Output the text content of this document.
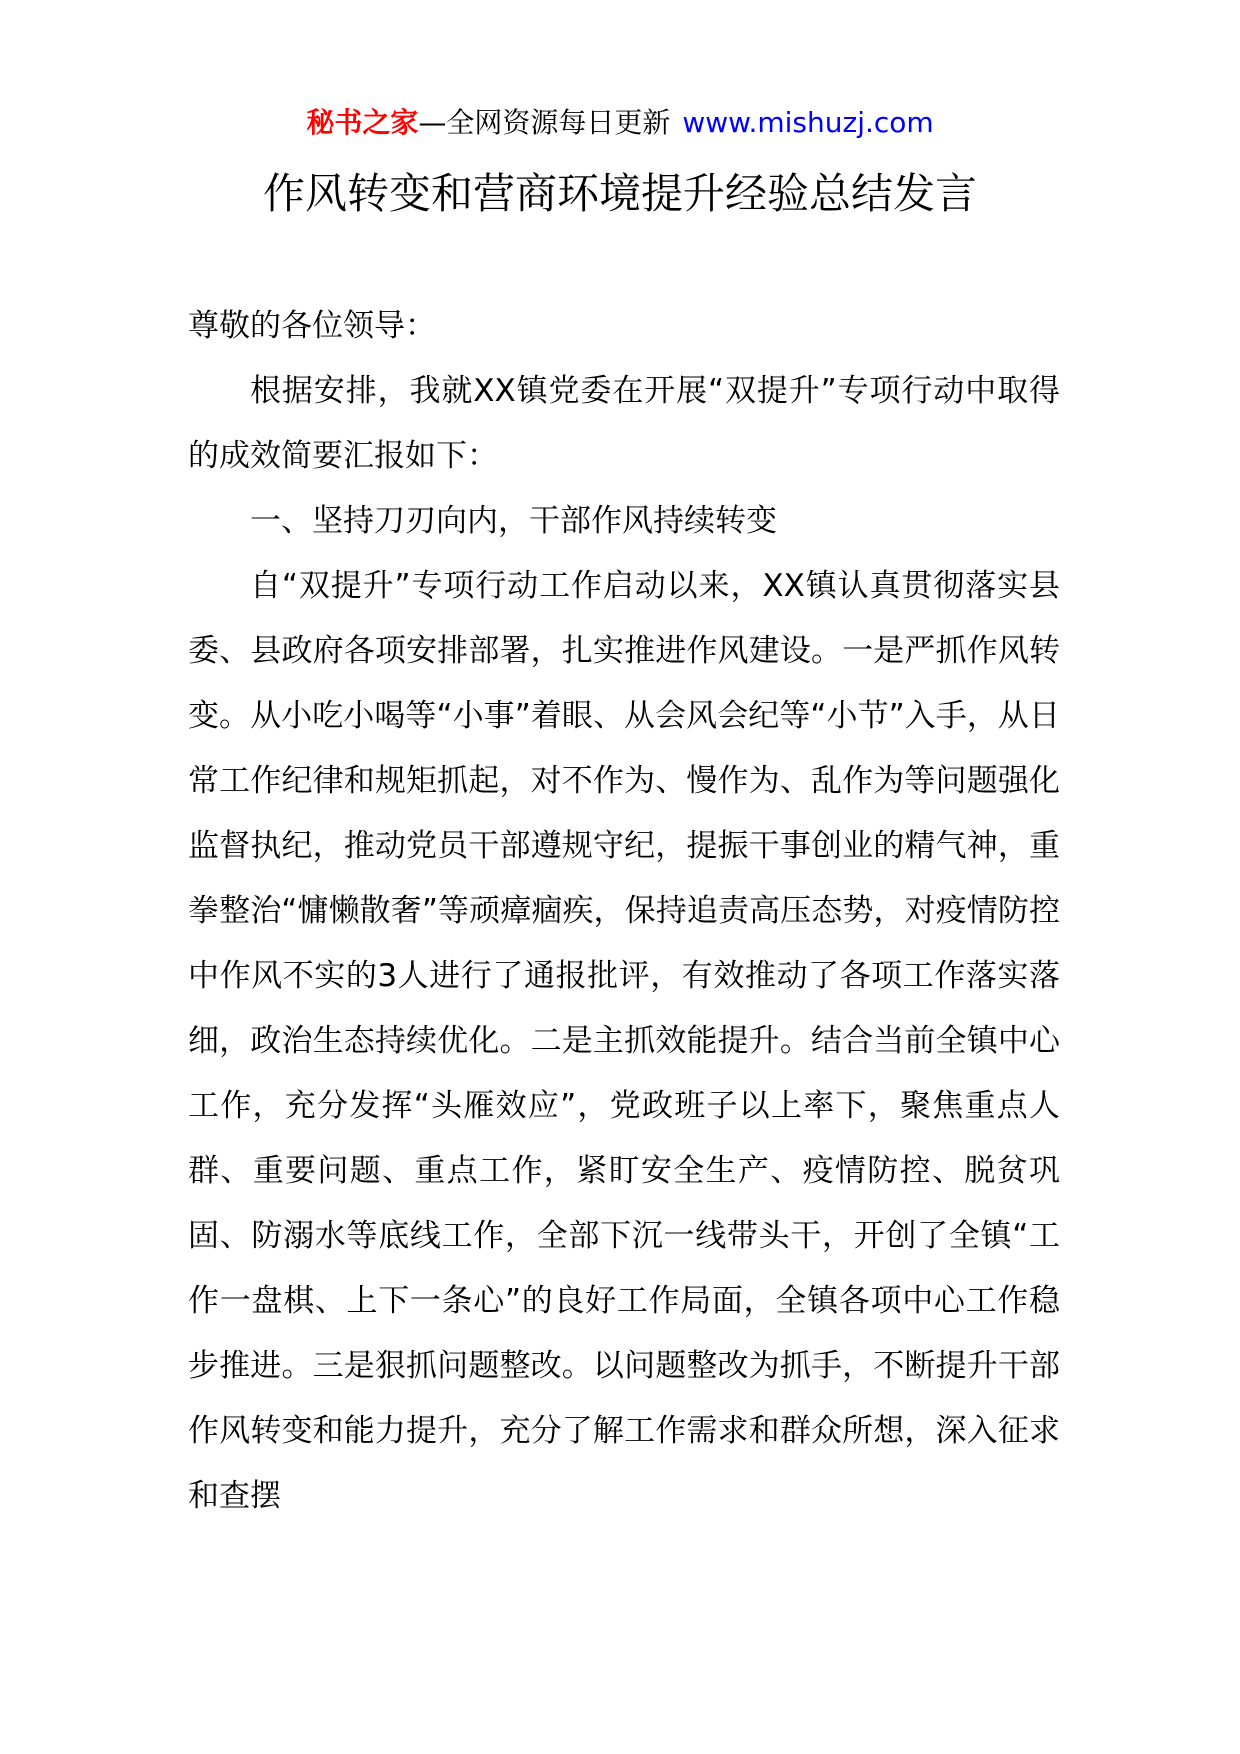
秘书之家—全网资源每日更新 www.mishuzj.com
作风转变和营商环境提升经验总结发言

尊敬的各位领导：

根据安排，我就XX镇党委在开展“双提升”专项行动中取得的成效简要汇报如下：

一、坚持刀刃向内，干部作风持续转变

自“双提升”专项行动工作启动以来，XX镇认真贯彻落实县委、县政府各项安排部署，扎实推进作风建设。一是严抓作风转变。从小吃小喝等“小事”着眼、从会风会纪等“小节”入手，从日常工作纪律和规矩抓起，对不作为、慢作为、乱作为等问题强化监督执纪，推动党员干部遵规守纪，提振干事创业的精气神，重拳整治“慵懒散奢”等顽瘴痼疾，保持追责高压态势，对疫情防控中作风不实的3人进行了通报批评，有效推动了各项工作落实落细，政治生态持续优化。二是主抓效能提升。结合当前全镇中心工作，充分发挥“头雁效应”，党政班子以上率下，聚焦重点人群、重要问题、重点工作，紧盯安全生产、疫情防控、脱贫巩固、防溺水等底线工作，全部下沉一线带头干，开创了全镇“工作一盘棋、上下一条心”的良好工作局面，全镇各项中心工作稳步推进。三是狠抓问题整改。以问题整改为抓手，不断提升干部作风转变和能力提升，充分了解工作需求和群众所想，深入征求和查摆
